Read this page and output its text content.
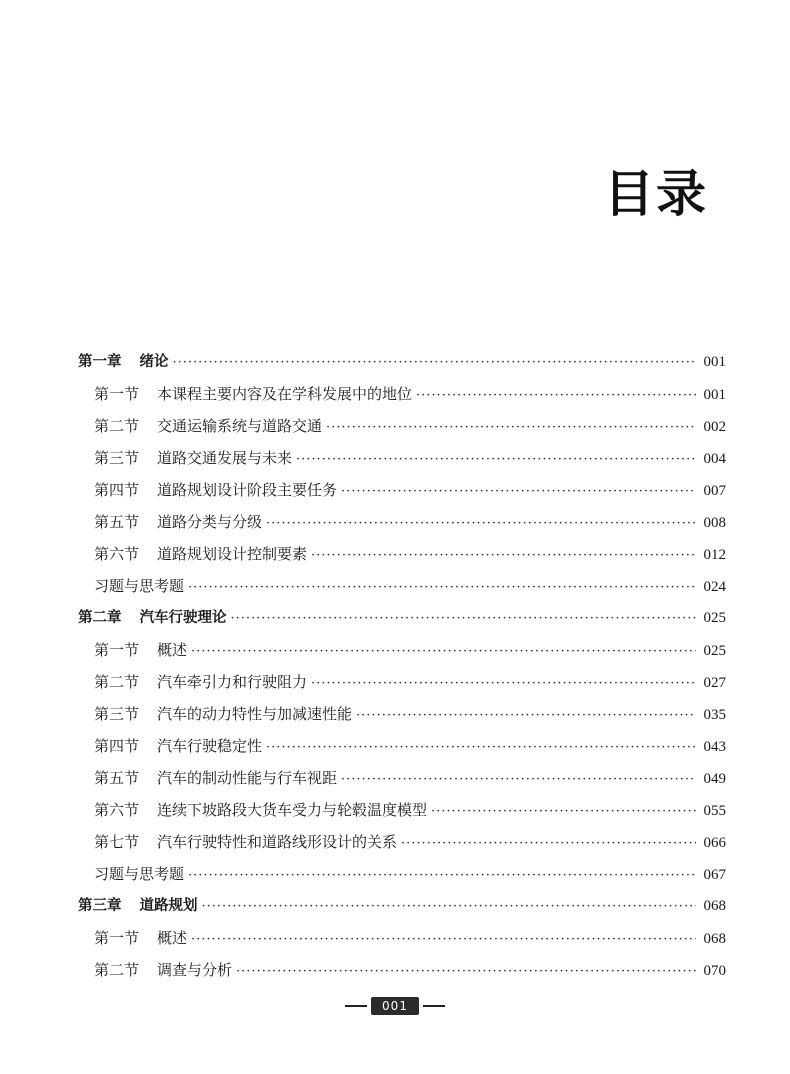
目录
第一章 绪论 ·····	001
第一节 本课程主要内容及在学科发展中的地位 ·····	001
第二节 交通运输系统与道路交通 ·····	002
第三节 道路交通发展与未来 ·····	004
第四节 道路规划设计阶段主要任务 ·····	007
第五节 道路分类与分级 ·····	008
第六节 道路规划设计控制要素 ·····	012
习题与思考题 ·····	024
第二章 汽车行驶理论 ·····	025
第一节 概述 ·····	025
第二节 汽车牵引力和行驶阻力 ·····	027
第三节 汽车的动力特性与加减速性能 ·····	035
第四节 汽车行驶稳定性 ·····	043
第五节 汽车的制动性能与行车视距 ·····	049
第六节 连续下坡路段大货车受力与轮毂温度模型 ·····	055
第七节 汽车行驶特性和道路线形设计的关系 ·····	066
习题与思考题 ·····	067
第三章 道路规划 ·····	068
第一节 概述 ·····	068
第二节 调查与分析 ·····	070
001
